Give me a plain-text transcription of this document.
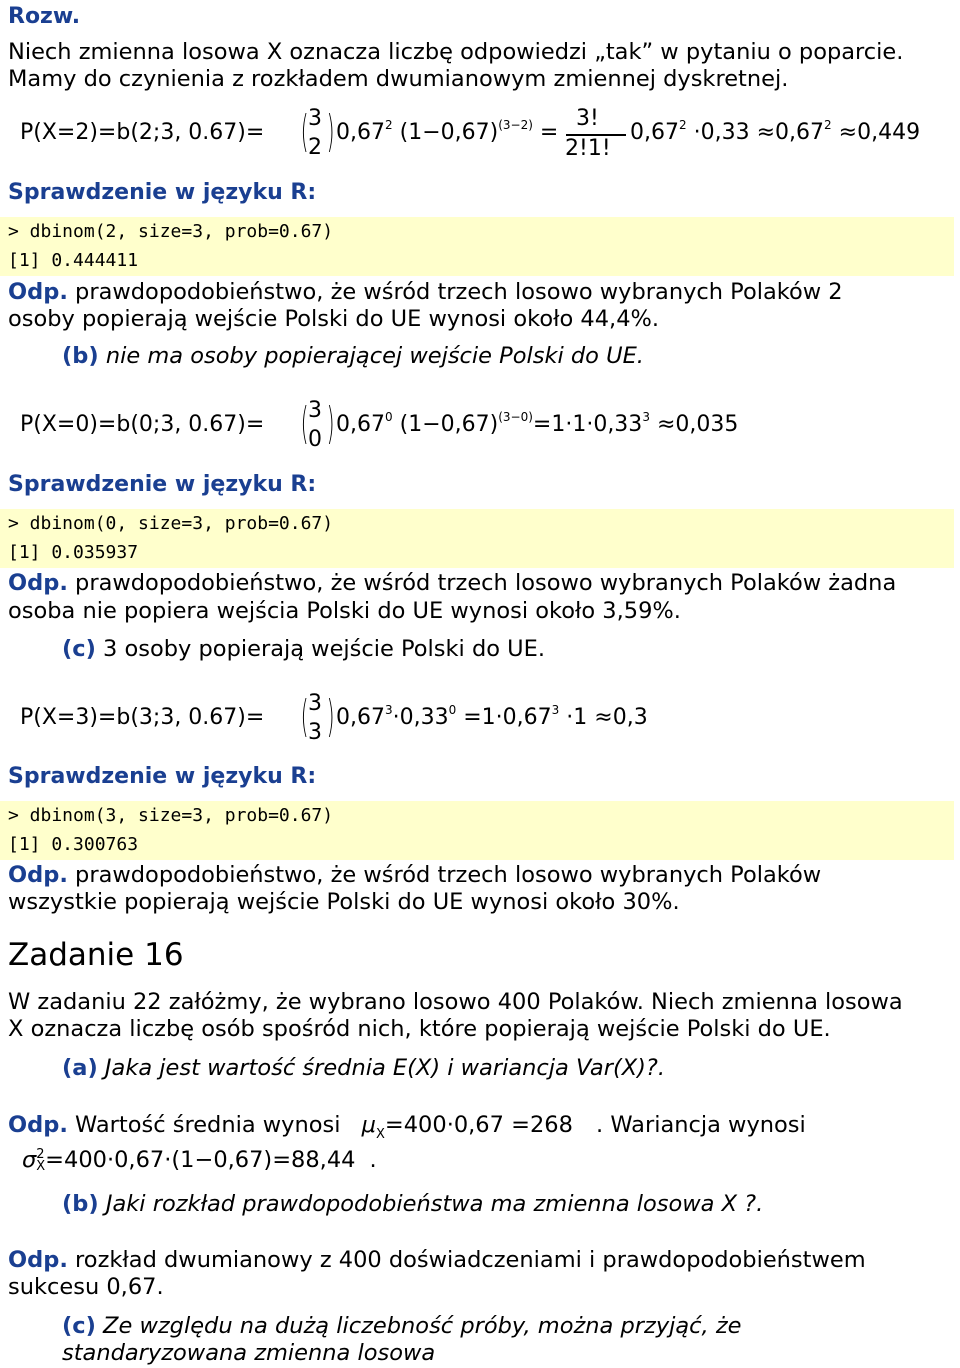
Rozw.
Niech zmienna losowa X oznacza liczbę odpowiedzi „tak” w pytaniu o poparcie.
Mamy do czynienia z rozkładem dwumianowym zmiennej dyskretnej.
P(X=2)=b(2;3, 0.67)= ( 3
2 ) 0,67$^2$ $(1-0,67)^{(3-2)}$ =
3!
2!1!
$0,67^2 \cdot 0,33 \approx 0,67^2 \approx 0,449$
Sprawdzenie w języku R:
> dbinom(2, size=3, prob=0.67)
[1] 0.444411
Odp. prawdopodobieństwo, że wśród trzech losowo wybranych Polaków 2
osoby popierają wejście Polski do UE wynosi około 44,4%.
(b) nie ma osoby popierającej wejście Polski do UE.
P(X=0)=b(0;3, 0.67)= ( 3
0 ) 0,67$^0$ $(1-0,67)^{(3-0)}=1\cdot 1\cdot 0,33^3 \approx 0,035$
Sprawdzenie w języku R:
> dbinom(0, size=3, prob=0.67)
[1] 0.035937
Odp. prawdopodobieństwo, że wśród trzech losowo wybranych Polaków żadna
osoba nie popiera wejścia Polski do UE wynosi około 3,59%.
(c) 3 osoby popierają wejście Polski do UE.
P(X=3)=b(3;3, 0.67)= ( 3
3 ) $0,67^3\cdot 0,33^0 =1\cdot 0,67^3 \cdot 1 \approx 0,3$
Sprawdzenie w języku R:
> dbinom(3, size=3, prob=0.67)
[1] 0.300763
Odp. prawdopodobieństwo, że wśród trzech losowo wybranych Polaków
wszystkie popierają wejście Polski do UE wynosi około 30%.
Zadanie 16
W zadaniu 22 załóżmy, że wybrano losowo 400 Polaków. Niech zmienna losowa
X oznacza liczbę osób spośród nich, które popierają wejście Polski do UE.
(a) Jaka jest wartość średnia E(X) i wariancja Var(X)?.
Odp. Wartość średnia wynosi $\mu_X=400\cdot 0,67 =268$ . Wariancja wynosi
σ 2
X =400·0,67·(1−0,67)=88,44 .
(b) Jaki rozkład prawdopodobieństwa ma zmienna losowa X ?.
Odp. rozkład dwumianowy z 400 doświadczeniami i prawdopodobieństwem
sukcesu 0,67.
(c) Ze względu na dużą liczebność próby, można przyjąć, że
standaryzowana zmienna losowa
